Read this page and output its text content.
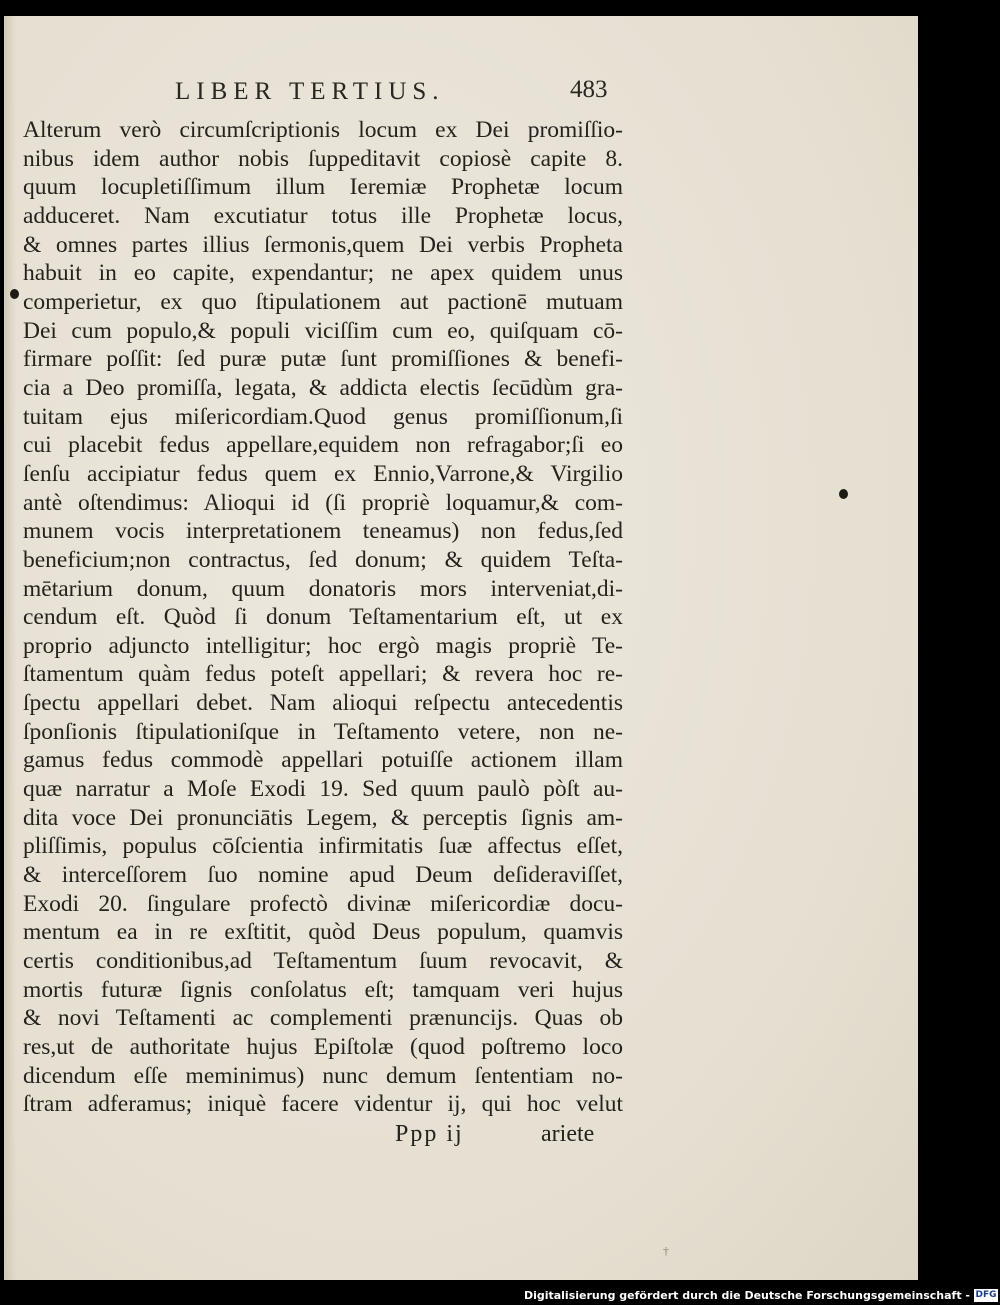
LIBER TERTIUS.	483
Alterum verò circumſcriptionis locum ex Dei promiſſio-
nibus idem author nobis ſuppeditavit copiosè capite 8.
quum locupletiſſimum illum Ieremiæ Prophetæ locum
adduceret. Nam excutiatur totus ille Prophetæ locus,
& omnes partes illius ſermonis,quem Dei verbis Propheta
habuit in eo capite, expendantur; ne apex quidem unus
comperietur, ex quo ſtipulationem aut pactionē mutuam
Dei cum populo,& populi viciſſim cum eo, quiſquam cō-
firmare poſſit: ſed puræ putæ ſunt promiſſiones & benefi-
cia a Deo promiſſa, legata, & addicta electis ſecūdùm gra-
tuitam ejus miſericordiam.Quod genus promiſſionum,ſi
cui placebit fedus appellare,equidem non refragabor;ſi eo
ſenſu accipiatur fedus quem ex Ennio,Varrone,& Virgilio
antè oſtendimus: Alioqui id (ſi propriè loquamur,& com-
munem vocis interpretationem teneamus) non fedus,ſed
beneficium;non contractus, ſed donum; & quidem Teſta-
mētarium donum, quum donatoris mors interveniat,di-
cendum eſt. Quòd ſi donum Teſtamentarium eſt, ut ex
proprio adjuncto intelligitur; hoc ergò magis propriè Te-
ſtamentum quàm fedus poteſt appellari; & revera hoc re-
ſpectu appellari debet. Nam alioqui reſpectu antecedentis
ſponſionis ſtipulationiſque in Teſtamento vetere, non ne-
gamus fedus commodè appellari potuiſſe actionem illam
quæ narratur a Moſe Exodi 19. Sed quum paulò pòſt au-
dita voce Dei pronunciātis Legem, & perceptis ſignis am-
pliſſimis, populus cōſcientia infirmitatis ſuæ affectus eſſet,
& interceſſorem ſuo nomine apud Deum deſideraviſſet,
Exodi 20. ſingulare profectò divinæ miſericordiæ docu-
mentum ea in re exſtitit, quòd Deus populum, quamvis
certis conditionibus,ad Teſtamentum ſuum revocavit, &
mortis futuræ ſignis conſolatus eſt; tamquam veri hujus
& novi Teſtamenti ac complementi prænuncijs. Quas ob
res,ut de authoritate hujus Epiſtolæ (quod poſtremo loco
dicendum eſſe meminimus) nunc demum ſententiam no-
ſtram adferamus; iniquè facere videntur ij, qui hoc velut
Ppp ij	ariete
†
Digitalisierung gefördert durch die Deutsche Forschungsgemeinschaft - DFG
